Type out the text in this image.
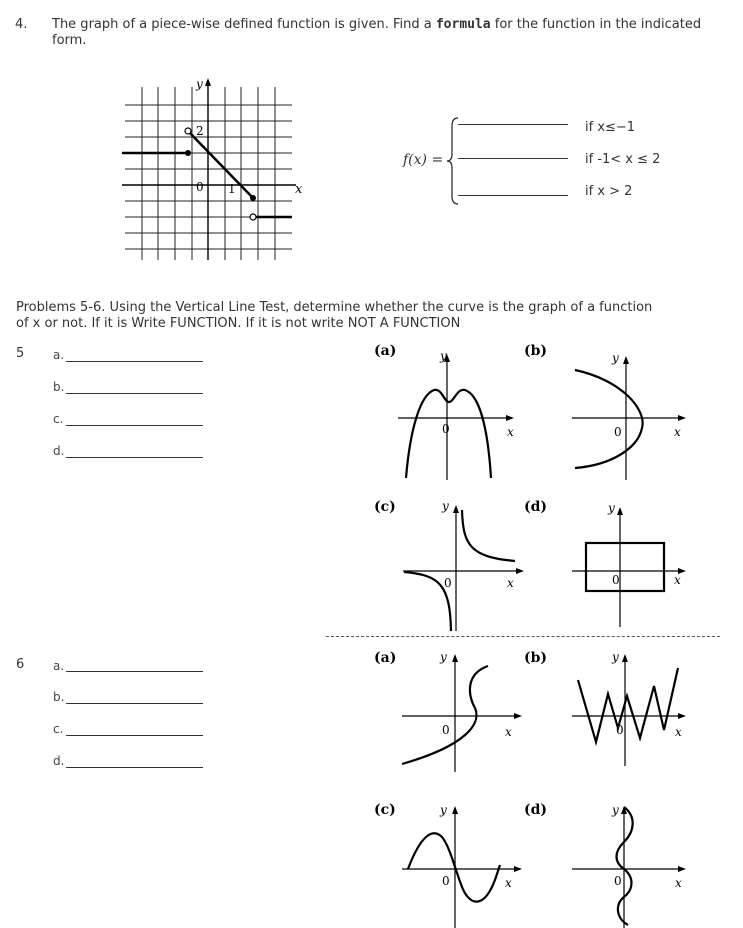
4. The graph of a piece-wise defined function is given. Find a formula for the function in the indicated form.
y
2
0 1	x
f(x) =
if x≤−1
if -1< x ≤ 2
if x > 2
Problems 5-6. Using the Vertical Line Test, determine whether the curve is the graph of a function
of x or not. If it is Write FUNCTION. If it is not write NOT A FUNCTION
5 a.
b.
c.
d.
(a)	y
0	x
(b)	y
0	x
(c)	y
0	x
(d)	y
0	x
6 a.
b.
c.
d.
(a)	y
0	x
(b)	y
0	x
(c)	y
0	x
(d)	y
0	x
